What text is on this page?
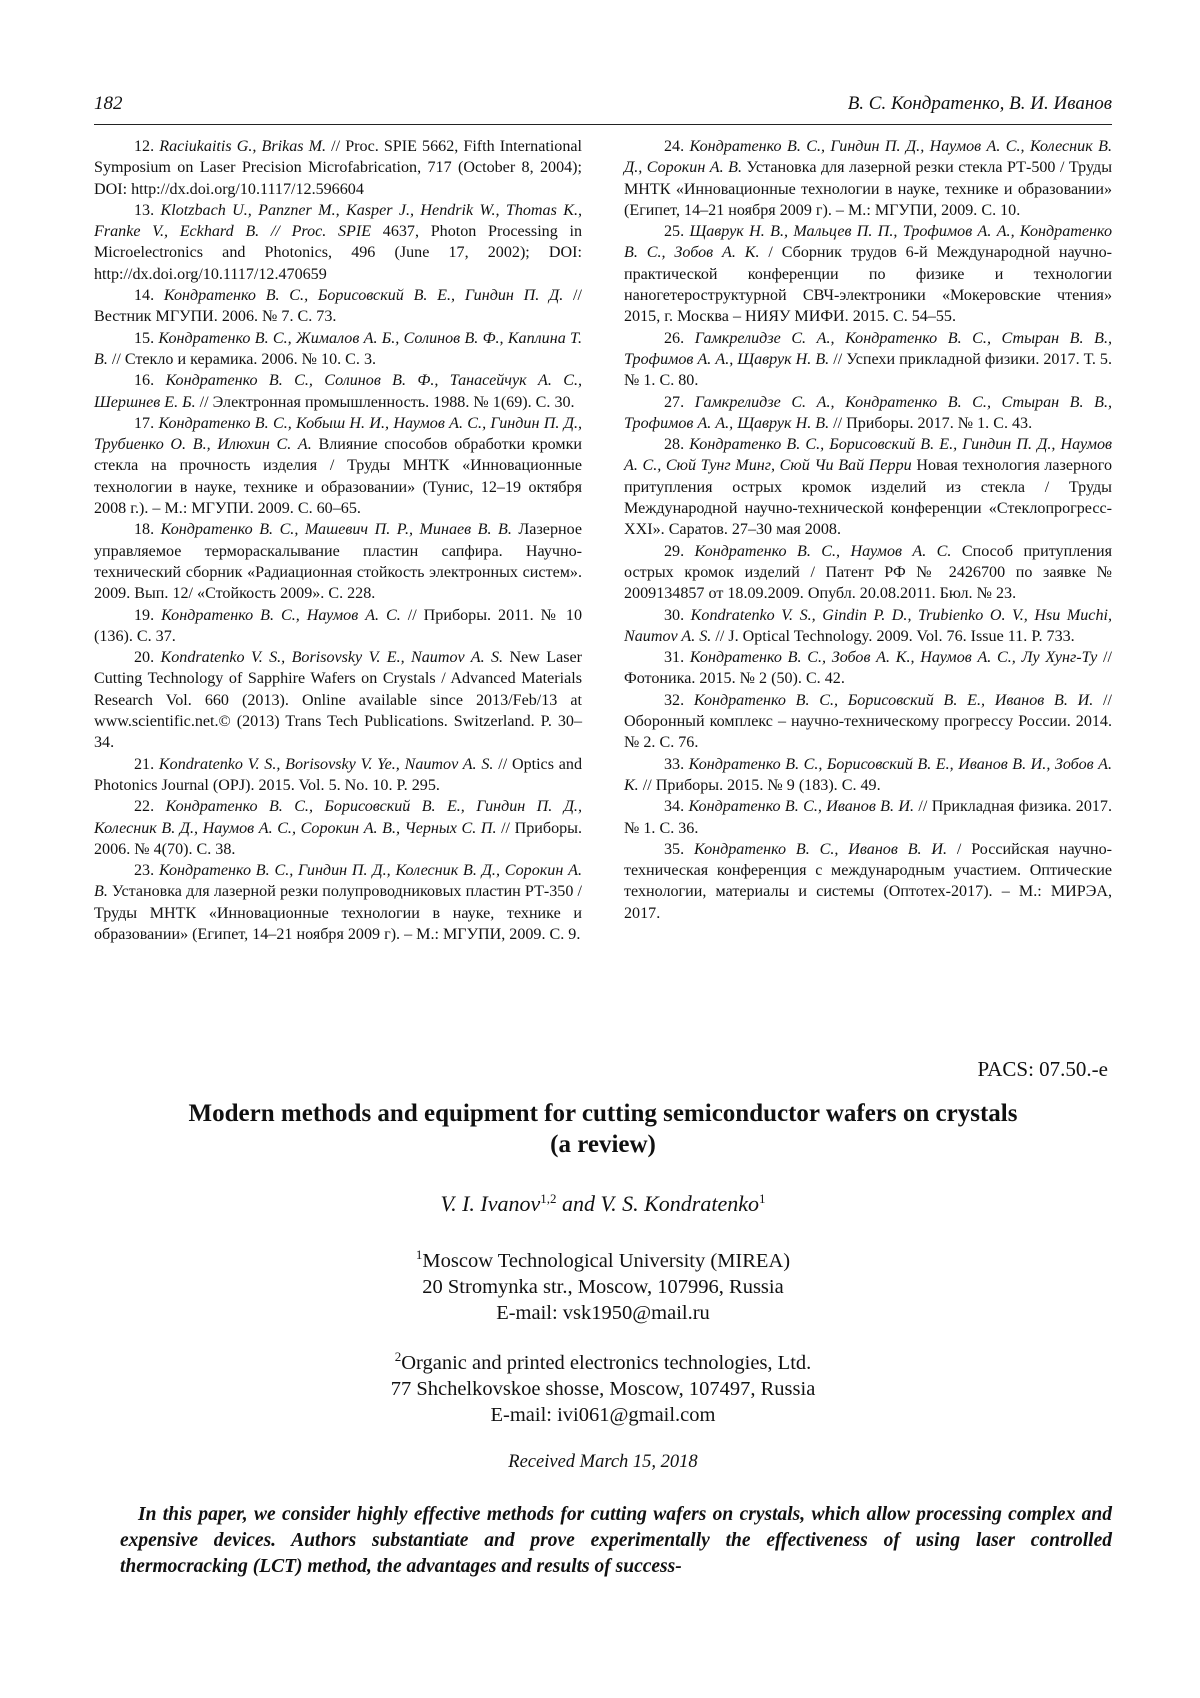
182	В. С. Кондратенко, В. И. Иванов

12. Raciukaitis G., Brikas M. // Proc. SPIE 5662, Fifth International Symposium on Laser Precision Microfabrication, 717 (October 8, 2004); DOI: http://dx.doi.org/10.1117/12.596604

13. Klotzbach U., Panzner M., Kasper J., Hendrik W., Thomas K., Franke V., Eckhard B. // Proc. SPIE 4637, Photon Processing in Microelectronics and Photonics, 496 (June 17, 2002); DOI: http://dx.doi.org/10.1117/12.470659

14. Кондратенко В. С., Борисовский В. Е., Гиндин П. Д. // Вестник МГУПИ. 2006. № 7. С. 73.

15. Кондратенко В. С., Жималов А. Б., Солинов В. Ф., Каплина Т. В. // Стекло и керамика. 2006. № 10. С. 3.

16. Кондратенко В. С., Солинов В. Ф., Танасейчук А. С., Шершнев Е. Б. // Электронная промышленность. 1988. № 1(69). С. 30.

17. Кондратенко В. С., Кобыш Н. И., Наумов А. С., Гиндин П. Д., Трубиенко О. В., Илюхин С. А. Влияние способов обработки кромки стекла на прочность изделия / Труды МНТК «Инновационные технологии в науке, технике и образовании» (Тунис, 12–19 октября 2008 г.). – М.: МГУПИ. 2009. С. 60–65.

18. Кондратенко В. С., Машевич П. Р., Минаев В. В. Лазерное управляемое термораскалывание пластин сапфира. Научно-технический сборник «Радиационная стойкость электронных систем». 2009. Вып. 12/ «Стойкость 2009». С. 228.

19. Кондратенко В. С., Наумов А. С. // Приборы. 2011. № 10 (136). С. 37.

20. Kondratenko V. S., Borisovsky V. E., Naumov A. S. New Laser Cutting Technology of Sapphire Wafers on Crystals / Advanced Materials Research Vol. 660 (2013). Online available since 2013/Feb/13 at www.scientific.net.© (2013) Trans Tech Publications. Switzerland. P. 30–34.

21. Kondratenko V. S., Borisovsky V. Ye., Naumov A. S. // Optics and Photonics Journal (OPJ). 2015. Vol. 5. No. 10. P. 295.

22. Кондратенко В. С., Борисовский В. Е., Гиндин П. Д., Колесник В. Д., Наумов А. С., Сорокин А. В., Черных С. П. // Приборы. 2006. № 4(70). С. 38.

23. Кондратенко В. С., Гиндин П. Д., Колесник В. Д., Сорокин А. В. Установка для лазерной резки полупроводниковых пластин РТ-350 / Труды МНТК «Инновационные технологии в науке, технике и образовании» (Египет, 14–21 ноября 2009 г). – М.: МГУПИ, 2009. С. 9.

24. Кондратенко В. С., Гиндин П. Д., Наумов А. С., Колесник В. Д., Сорокин А. В. Установка для лазерной резки стекла РТ-500 / Труды МНТК «Инновационные технологии в науке, технике и образовании» (Египет, 14–21 ноября 2009 г). – М.: МГУПИ, 2009. С. 10.

25. Щаврук Н. В., Мальцев П. П., Трофимов А. А., Кондратенко В. С., Зобов А. К. / Сборник трудов 6-й Международной научно-практической конференции по физике и технологии наногетероструктурной СВЧ-электроники «Мокеровские чтения» 2015, г. Москва – НИЯУ МИФИ. 2015. С. 54–55.

26. Гамкрелидзе С. А., Кондратенко В. С., Стыран В. В., Трофимов А. А., Щаврук Н. В. // Успехи прикладной физики. 2017. Т. 5. № 1. С. 80.

27. Гамкрелидзе С. А., Кондратенко В. С., Стыран В. В., Трофимов А. А., Щаврук Н. В. // Приборы. 2017. № 1. С. 43.

28. Кондратенко В. С., Борисовский В. Е., Гиндин П. Д., Наумов А. С., Сюй Тунг Минг, Сюй Чи Вай Перри Новая технология лазерного притупления острых кромок изделий из стекла / Труды Международной научно-технической конференции «Стеклопрогресс-XXI». Саратов. 27–30 мая 2008.

29. Кондратенко В. С., Наумов А. С. Способ притупления острых кромок изделий / Патент РФ № 2426700 по заявке № 2009134857 от 18.09.2009. Опубл. 20.08.2011. Бюл. № 23.

30. Kondratenko V. S., Gindin P. D., Trubienko O. V., Hsu Muchi, Naumov A. S. // J. Optical Technology. 2009. Vol. 76. Issue 11. P. 733.

31. Кондратенко В. С., Зобов А. К., Наумов А. С., Лу Хунг-Ту // Фотоника. 2015. № 2 (50). С. 42.

32. Кондратенко В. С., Борисовский В. Е., Иванов В. И. // Оборонный комплекс – научно-техническому прогрессу России. 2014. № 2. С. 76.

33. Кондратенко В. С., Борисовский В. Е., Иванов В. И., Зобов А. К. // Приборы. 2015. № 9 (183). С. 49.

34. Кондратенко В. С., Иванов В. И. // Прикладная физика. 2017. № 1. С. 36.

35. Кондратенко В. С., Иванов В. И. / Российская научно-техническая конференция с международным участием. Оптические технологии, материалы и системы (Оптотех-2017). – М.: МИРЭА, 2017.

PACS: 07.50.-e
Modern methods and equipment for cutting semiconductor wafers on crystals
(a review)
V. I. Ivanov$^{1,2}$ and V. S. Kondratenko$^1$
$^1$Moscow Technological University (MIREA)
20 Stromynka str., Moscow, 107996, Russia
E-mail: vsk1950@mail.ru
$^2$Organic and printed electronics technologies, Ltd.
77 Shchelkovskoe shosse, Moscow, 107497, Russia
E-mail: ivi061@gmail.com
Received March 15, 2018
In this paper, we consider highly effective methods for cutting wafers on crystals, which allow processing complex and expensive devices. Authors substantiate and prove experimentally the effectiveness of using laser controlled thermocracking (LCT) method, the advantages and results of success-
